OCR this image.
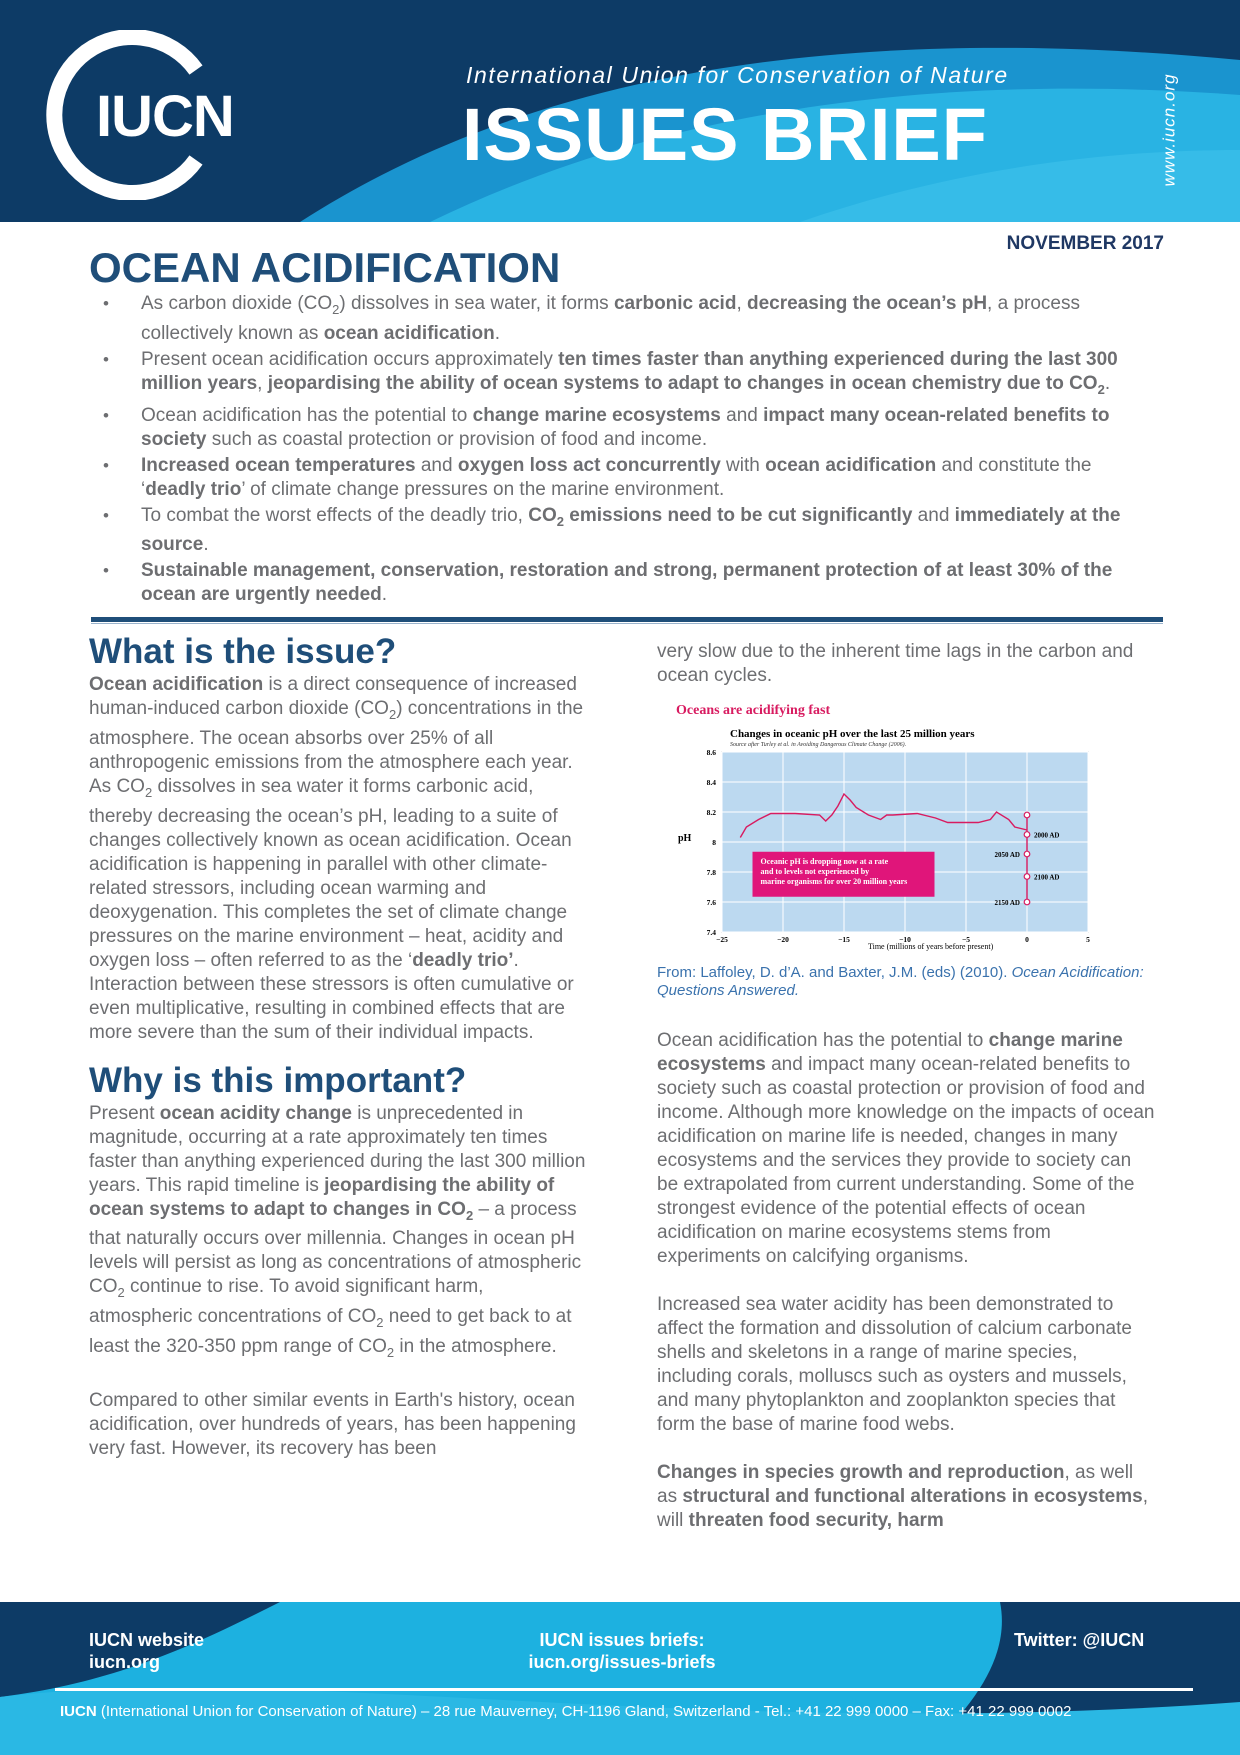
IUCN
International Union for Conservation of Nature
ISSUES BRIEF	www.iucn.org
NOVEMBER 2017
OCEAN ACIDIFICATION
• As carbon dioxide $(CO_2)$ dissolves in sea water, it forms carbonic acid, decreasing the ocean’s pH, a process collectively known as ocean acidification.
• Present ocean acidification occurs approximately ten times faster than anything experienced during the last 300 million years, jeopardising the ability of ocean systems to adapt to changes in ocean chemistry due to $CO_2$.
• Ocean acidification has the potential to change marine ecosystems and impact many ocean-related benefits to society such as coastal protection or provision of food and income.
• Increased ocean temperatures and oxygen loss act concurrently with ocean acidification and constitute the ‘deadly trio’ of climate change pressures on the marine environment.
• To combat the worst effects of the deadly trio, $CO_2$ emissions need to be cut significantly and immediately at the source.
• Sustainable management, conservation, restoration and strong, permanent protection of at least 30% of the ocean are urgently needed.
What is the issue?

Ocean acidification is a direct consequence of increased human-induced carbon dioxide $(CO_2)$ concentrations in the atmosphere. The ocean absorbs over 25% of all anthropogenic emissions from the atmosphere each year. As $CO_2$ dissolves in sea water it forms carbonic acid, thereby decreasing the ocean’s pH, leading to a suite of changes collectively known as ocean acidification. Ocean acidification is happening in parallel with other climate-related stressors, including ocean warming and deoxygenation. This completes the set of climate change pressures on the marine environment – heat, acidity and oxygen loss – often referred to as the ‘deadly trio’. Interaction between these stressors is often cumulative or even multiplicative, resulting in combined effects that are more severe than the sum of their individual impacts.

Why is this important?

Present ocean acidity change is unprecedented in magnitude, occurring at a rate approximately ten times faster than anything experienced during the last 300 million years. This rapid timeline is jeopardising the ability of ocean systems to adapt to changes in $CO_2$ – a process that naturally occurs over millennia. Changes in ocean pH levels will persist as long as concentrations of atmospheric $CO_2$ continue to rise. To avoid significant harm, atmospheric concentrations of $CO_2$ need to get back to at least the 320-350 ppm range of $CO_2$ in the atmosphere.

Compared to other similar events in Earth's history, ocean acidification, over hundreds of years, has been happening very fast. However, its recovery has been

very slow due to the inherent time lags in the carbon and ocean cycles.

Ocean acidification has the potential to change marine ecosystems and impact many ocean-related benefits to society such as coastal protection or provision of food and income. Although more knowledge on the impacts of ocean acidification on marine life is needed, changes in many ecosystems and the services they provide to society can be extrapolated from current understanding. Some of the strongest evidence of the potential effects of ocean acidification on marine ecosystems stems from experiments on calcifying organisms.

Increased sea water acidity has been demonstrated to affect the formation and dissolution of calcium carbonate shells and skeletons in a range of marine species, including corals, molluscs such as oysters and mussels, and many phytoplankton and zooplankton species that form the base of marine food webs.

Changes in species growth and reproduction, as well as structural and functional alterations in ecosystems, will threaten food security, harm

Oceans are acidifying fast
Changes in oceanic pH over the last 25 million years
Source after Turley et al. in Avoiding Dangerous Climate Change (2006).
−25	−20	−15	−10	−5	0	5
7.4
7.6
7.8
8
8.2
8.4
8.6
2000 AD
2050 AD
2100 AD
2150 AD
Oceanic pH is dropping now at a rate and to levels not experienced by marine organisms for over 20 million years
pH
Time (millions of years before present)
From: Laffoley, D. d’A. and Baxter, J.M. (eds) (2010). Ocean Acidification: Questions Answered.
IUCN website
iucn.org
IUCN issues briefs:
iucn.org/issues-briefs
Twitter: @IUCN
IUCN (International Union for Conservation of Nature) – 28 rue Mauverney, CH-1196 Gland, Switzerland - Tel.: +41 22 999 0000 – Fax: +41 22 999 0002
